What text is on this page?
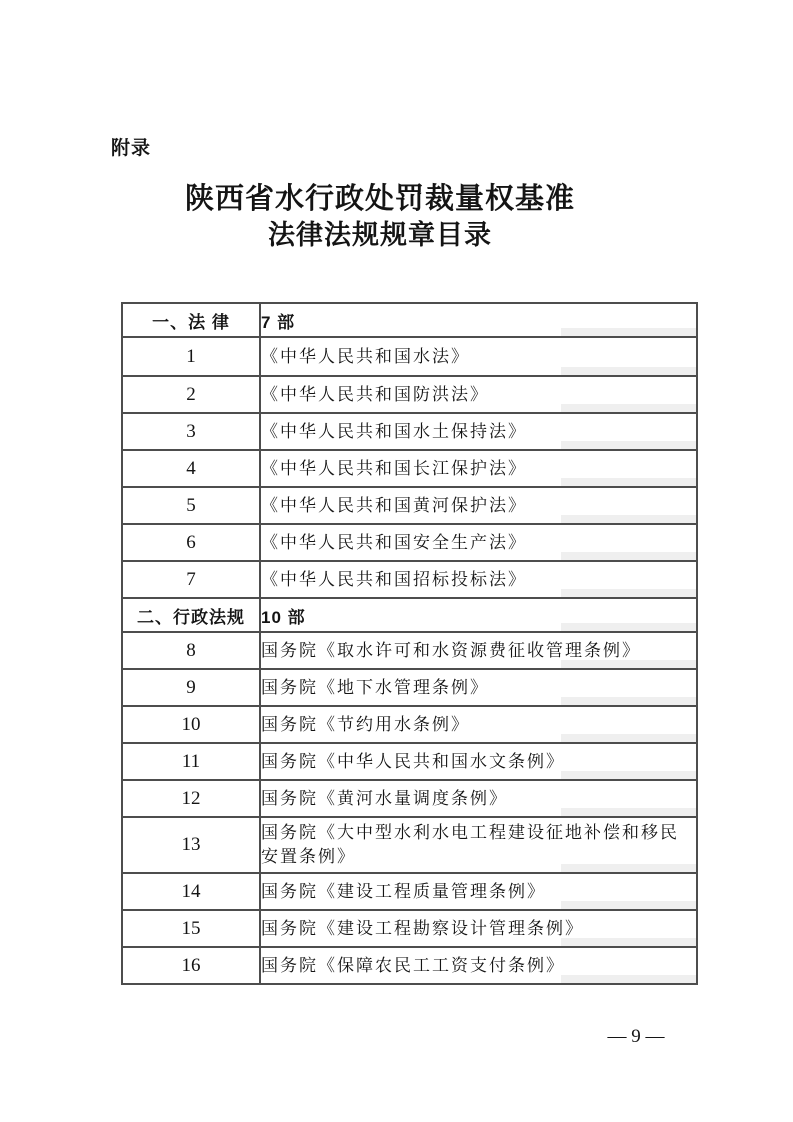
附录
陕西省水行政处罚裁量权基准
法律法规规章目录
一、法 律	7 部
1	《中华人民共和国水法》
2	《中华人民共和国防洪法》
3	《中华人民共和国水土保持法》
4	《中华人民共和国长江保护法》
5	《中华人民共和国黄河保护法》
6	《中华人民共和国安全生产法》
7	《中华人民共和国招标投标法》
二、行政法规	10 部
8	国务院《取水许可和水资源费征收管理条例》
9	国务院《地下水管理条例》
10	国务院《节约用水条例》
11	国务院《中华人民共和国水文条例》
12	国务院《黄河水量调度条例》
13	国务院《大中型水利水电工程建设征地补偿和移民安置条例》
14	国务院《建设工程质量管理条例》
15	国务院《建设工程勘察设计管理条例》
16	国务院《保障农民工工资支付条例》
— 9 —
